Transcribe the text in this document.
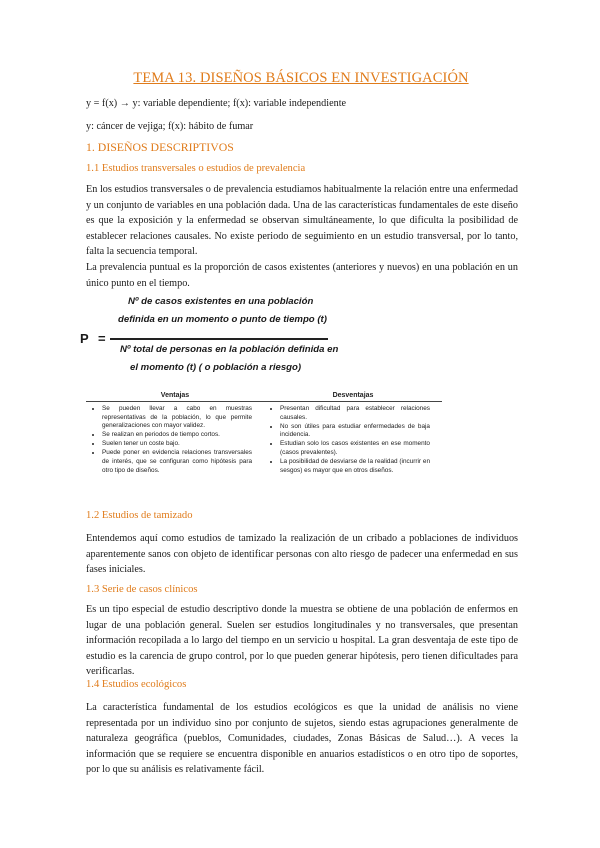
TEMA 13. DISEÑOS BÁSICOS EN INVESTIGACIÓN
y = f(x) → y: variable dependiente; f(x): variable independiente
y: cáncer de vejiga; f(x): hábito de fumar
1. DISEÑOS DESCRIPTIVOS
1.1 Estudios transversales o estudios de prevalencia
En los estudios transversales o de prevalencia estudiamos habitualmente la relación entre una enfermedad y un conjunto de variables en una población dada. Una de las características fundamentales de este diseño es que la exposición y la enfermedad se observan simultáneamente, lo que dificulta la posibilidad de establecer relaciones causales. No existe periodo de seguimiento en un estudio transversal, por lo tanto, falta la secuencia temporal.
La prevalencia puntual es la proporción de casos existentes (anteriores y nuevos) en una población en un único punto en el tiempo.
P =
Nº de casos existentes en una población
definida en un momento o punto de tiempo (t)
Nº total de personas en la población definida en
el momento (t) ( o población a riesgo)
Ventajas	Desventajas
• Se pueden llevar a cabo en muestras representativas de la población, lo que permite generalizaciones con mayor validez.
• Se realizan en periodos de tiempo cortos.
• Suelen tener un coste bajo.
• Puede poner en evidencia relaciones transversales de interés, que se configuran como hipótesis para otro tipo de diseños.
• Presentan dificultad para establecer relaciones causales.
• No son útiles para estudiar enfermedades de baja incidencia.
• Estudian solo los casos existentes en ese momento (casos prevalentes).
• La posibilidad de desviarse de la realidad (incurrir en sesgos) es mayor que en otros diseños.
1.2 Estudios de tamizado
Entendemos aquí como estudios de tamizado la realización de un cribado a poblaciones de individuos aparentemente sanos con objeto de identificar personas con alto riesgo de padecer una enfermedad en sus fases iniciales.
1.3 Serie de casos clínicos
Es un tipo especial de estudio descriptivo donde la muestra se obtiene de una población de enfermos en lugar de una población general. Suelen ser estudios longitudinales y no transversales, que presentan información recopilada a lo largo del tiempo en un servicio u hospital. La gran desventaja de este tipo de estudio es la carencia de grupo control, por lo que pueden generar hipótesis, pero tienen dificultades para verificarlas.
1.4 Estudios ecológicos
La característica fundamental de los estudios ecológicos es que la unidad de análisis no viene representada por un individuo sino por conjunto de sujetos, siendo estas agrupaciones generalmente de naturaleza geográfica (pueblos, Comunidades, ciudades, Zonas Básicas de Salud…). A veces la información que se requiere se encuentra disponible en anuarios estadísticos o en otro tipo de soportes, por lo que su análisis es relativamente fácil.
